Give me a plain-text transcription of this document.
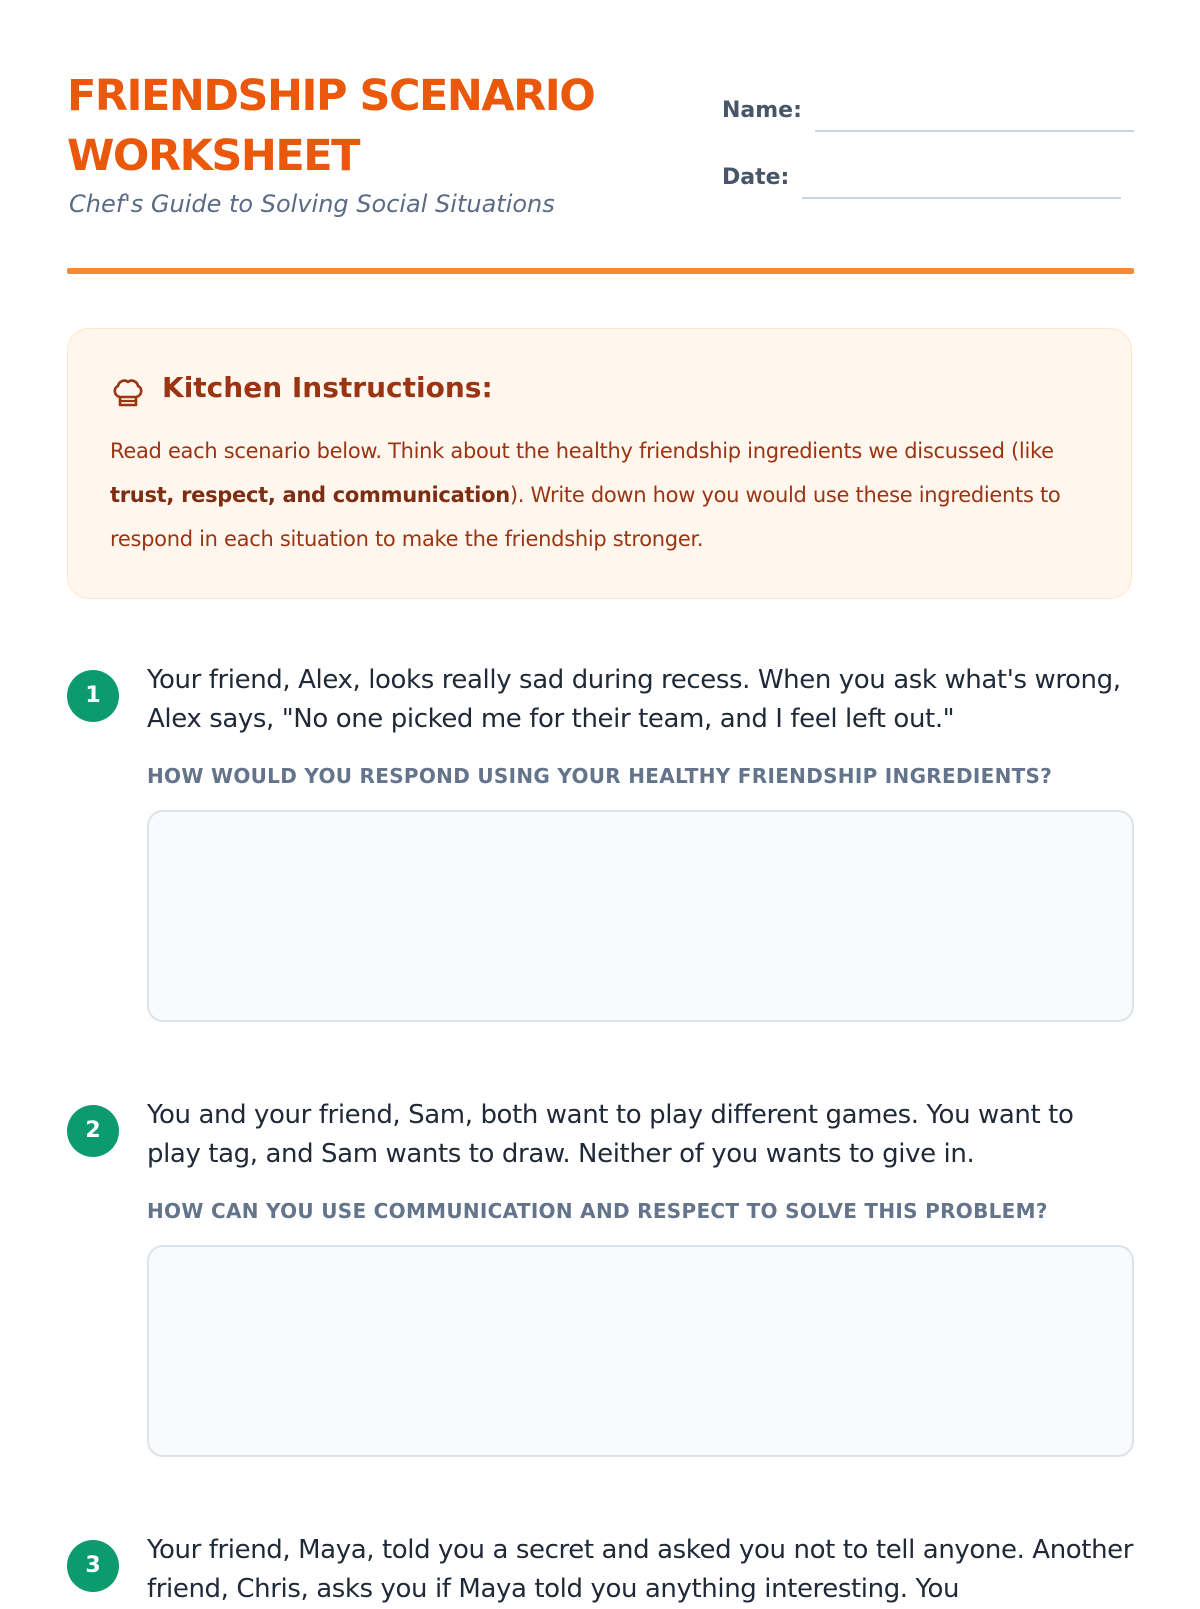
FRIENDSHIP SCENARIO WORKSHEET

Chef's Guide to Solving Social Situations

Name:
Date:
Kitchen Instructions:

Read each scenario below. Think about the healthy friendship ingredients we discussed (like trust, respect, and communication). Write down how you would use these ingredients to respond in each situation to make the friendship stronger.

1

Your friend, Alex, looks really sad during recess. When you ask what's wrong, Alex says, "No one picked me for their team, and I feel left out."

HOW WOULD YOU RESPOND USING YOUR HEALTHY FRIENDSHIP INGREDIENTS?

2

You and your friend, Sam, both want to play different games. You want to play tag, and Sam wants to draw. Neither of you wants to give in.

HOW CAN YOU USE COMMUNICATION AND RESPECT TO SOLVE THIS PROBLEM?

3

Your friend, Maya, told you a secret and asked you not to tell anyone. Another friend, Chris, asks you if Maya told you anything interesting. You
